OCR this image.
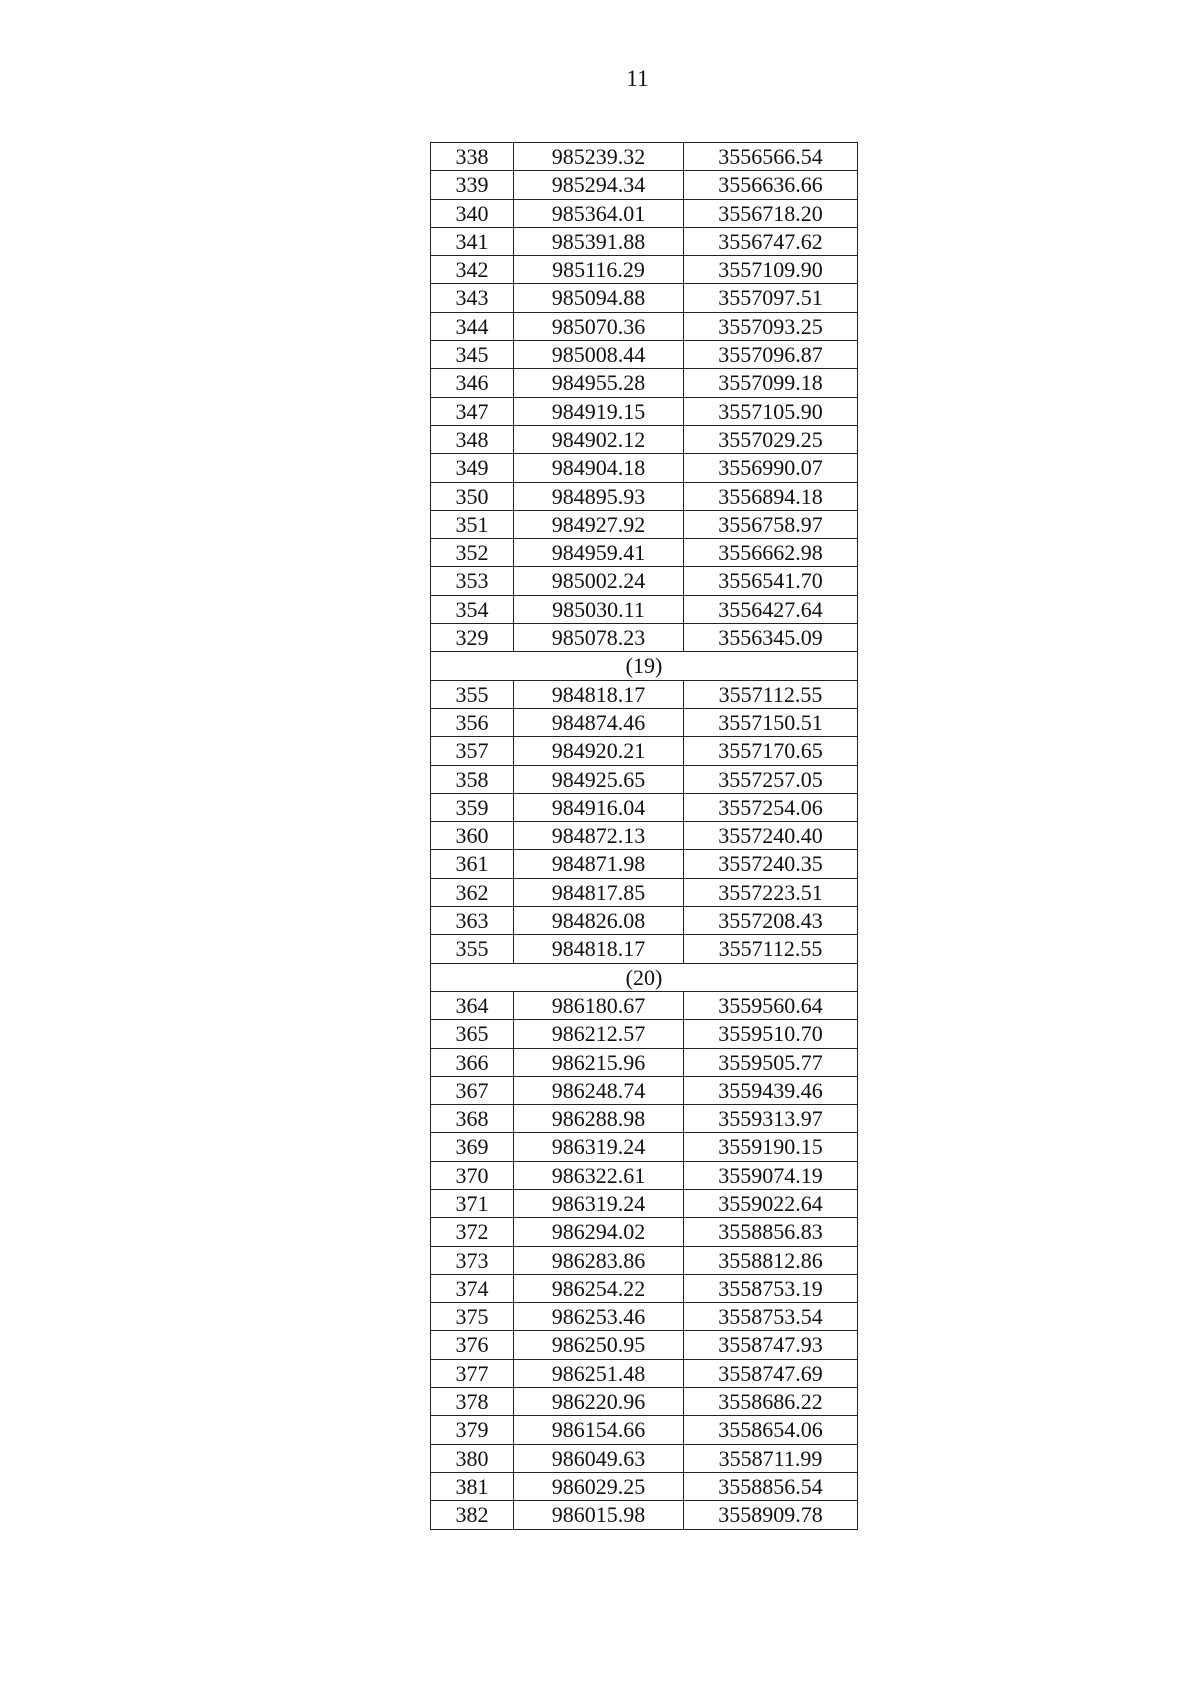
11
338	985239.32	3556566.54
339	985294.34	3556636.66
340	985364.01	3556718.20
341	985391.88	3556747.62
342	985116.29	3557109.90
343	985094.88	3557097.51
344	985070.36	3557093.25
345	985008.44	3557096.87
346	984955.28	3557099.18
347	984919.15	3557105.90
348	984902.12	3557029.25
349	984904.18	3556990.07
350	984895.93	3556894.18
351	984927.92	3556758.97
352	984959.41	3556662.98
353	985002.24	3556541.70
354	985030.11	3556427.64
329	985078.23	3556345.09
(19)		
355	984818.17	3557112.55
356	984874.46	3557150.51
357	984920.21	3557170.65
358	984925.65	3557257.05
359	984916.04	3557254.06
360	984872.13	3557240.40
361	984871.98	3557240.35
362	984817.85	3557223.51
363	984826.08	3557208.43
355	984818.17	3557112.55
(20)		
364	986180.67	3559560.64
365	986212.57	3559510.70
366	986215.96	3559505.77
367	986248.74	3559439.46
368	986288.98	3559313.97
369	986319.24	3559190.15
370	986322.61	3559074.19
371	986319.24	3559022.64
372	986294.02	3558856.83
373	986283.86	3558812.86
374	986254.22	3558753.19
375	986253.46	3558753.54
376	986250.95	3558747.93
377	986251.48	3558747.69
378	986220.96	3558686.22
379	986154.66	3558654.06
380	986049.63	3558711.99
381	986029.25	3558856.54
382	986015.98	3558909.78
